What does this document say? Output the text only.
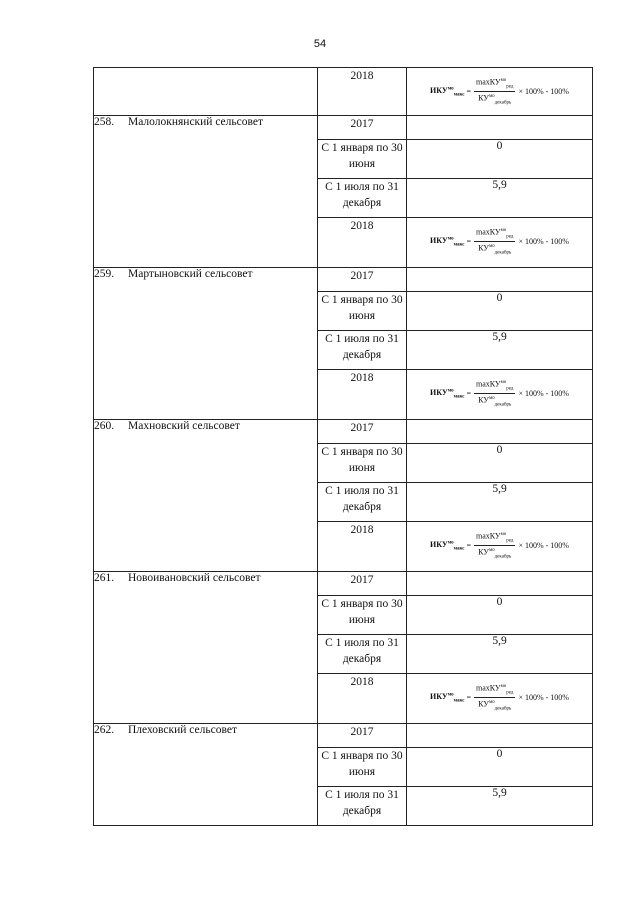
54
	2018	$ИКУ^{мо}_{макс}$
= $\frac{\max КУ^{мо}_{ред}}{КУ^{мо}_{декабрь}} \times 100\% - 100\%$

258. Малолокнянский сельсовет	2017	
	С 1 января по 30 июня	0
	С 1 июля по 31 декабря	5,9
	2018	$ИКУ^{мо}_{макс}$
= $\frac{\max КУ^{мо}_{ред}}{КУ^{мо}_{декабрь}} \times 100\% - 100\%$

259. Мартыновский сельсовет	2017	
	С 1 января по 30 июня	0
	С 1 июля по 31 декабря	5,9
	2018	$ИКУ^{мо}_{макс}$
= $\frac{\max КУ^{мо}_{ред}}{КУ^{мо}_{декабрь}} \times 100\% - 100\%$

260. Махновский сельсовет	2017	
	С 1 января по 30 июня	0
	С 1 июля по 31 декабря	5,9
	2018	$ИКУ^{мо}_{макс}$
= $\frac{\max КУ^{мо}_{ред}}{КУ^{мо}_{декабрь}} \times 100\% - 100\%$

261. Новоивановский сельсовет	2017	
	С 1 января по 30 июня	0
	С 1 июля по 31 декабря	5,9
	2018	$ИКУ^{мо}_{макс}$
= $\frac{\max КУ^{мо}_{ред}}{КУ^{мо}_{декабрь}} \times 100\% - 100\%$

262. Плеховский сельсовет	2017	
	С 1 января по 30 июня	0
	С 1 июля по 31 декабря	5,9
